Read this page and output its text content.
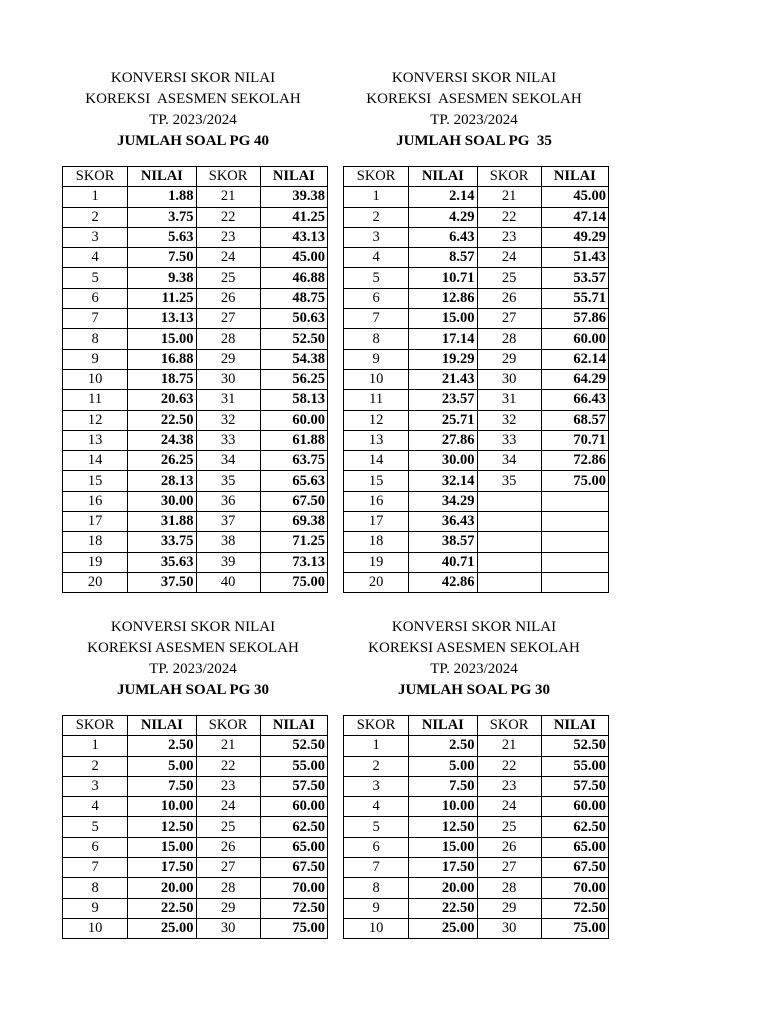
KONVERSI SKOR NILAI
KOREKSI  ASESMEN SEKOLAH
TP. 2023/2024
JUMLAH SOAL PG 40
SKOR	NILAI	SKOR	NILAI
1	1.88	21	39.38
2	3.75	22	41.25
3	5.63	23	43.13
4	7.50	24	45.00
5	9.38	25	46.88
6	11.25	26	48.75
7	13.13	27	50.63
8	15.00	28	52.50
9	16.88	29	54.38
10	18.75	30	56.25
11	20.63	31	58.13
12	22.50	32	60.00
13	24.38	33	61.88
14	26.25	34	63.75
15	28.13	35	65.63
16	30.00	36	67.50
17	31.88	37	69.38
18	33.75	38	71.25
19	35.63	39	73.13
20	37.50	40	75.00
KONVERSI SKOR NILAI
KOREKSI  ASESMEN SEKOLAH
TP. 2023/2024
JUMLAH SOAL PG  35
SKOR	NILAI	SKOR	NILAI
1	2.14	21	45.00
2	4.29	22	47.14
3	6.43	23	49.29
4	8.57	24	51.43
5	10.71	25	53.57
6	12.86	26	55.71
7	15.00	27	57.86
8	17.14	28	60.00
9	19.29	29	62.14
10	21.43	30	64.29
11	23.57	31	66.43
12	25.71	32	68.57
13	27.86	33	70.71
14	30.00	34	72.86
15	32.14	35	75.00
16	34.29		
17	36.43		
18	38.57		
19	40.71		
20	42.86		
KONVERSI SKOR NILAI
KOREKSI ASESMEN SEKOLAH
TP. 2023/2024
JUMLAH SOAL PG 30
SKOR	NILAI	SKOR	NILAI
1	2.50	21	52.50
2	5.00	22	55.00
3	7.50	23	57.50
4	10.00	24	60.00
5	12.50	25	62.50
6	15.00	26	65.00
7	17.50	27	67.50
8	20.00	28	70.00
9	22.50	29	72.50
10	25.00	30	75.00
KONVERSI SKOR NILAI
KOREKSI ASESMEN SEKOLAH
TP. 2023/2024
JUMLAH SOAL PG 30
SKOR	NILAI	SKOR	NILAI
1	2.50	21	52.50
2	5.00	22	55.00
3	7.50	23	57.50
4	10.00	24	60.00
5	12.50	25	62.50
6	15.00	26	65.00
7	17.50	27	67.50
8	20.00	28	70.00
9	22.50	29	72.50
10	25.00	30	75.00
